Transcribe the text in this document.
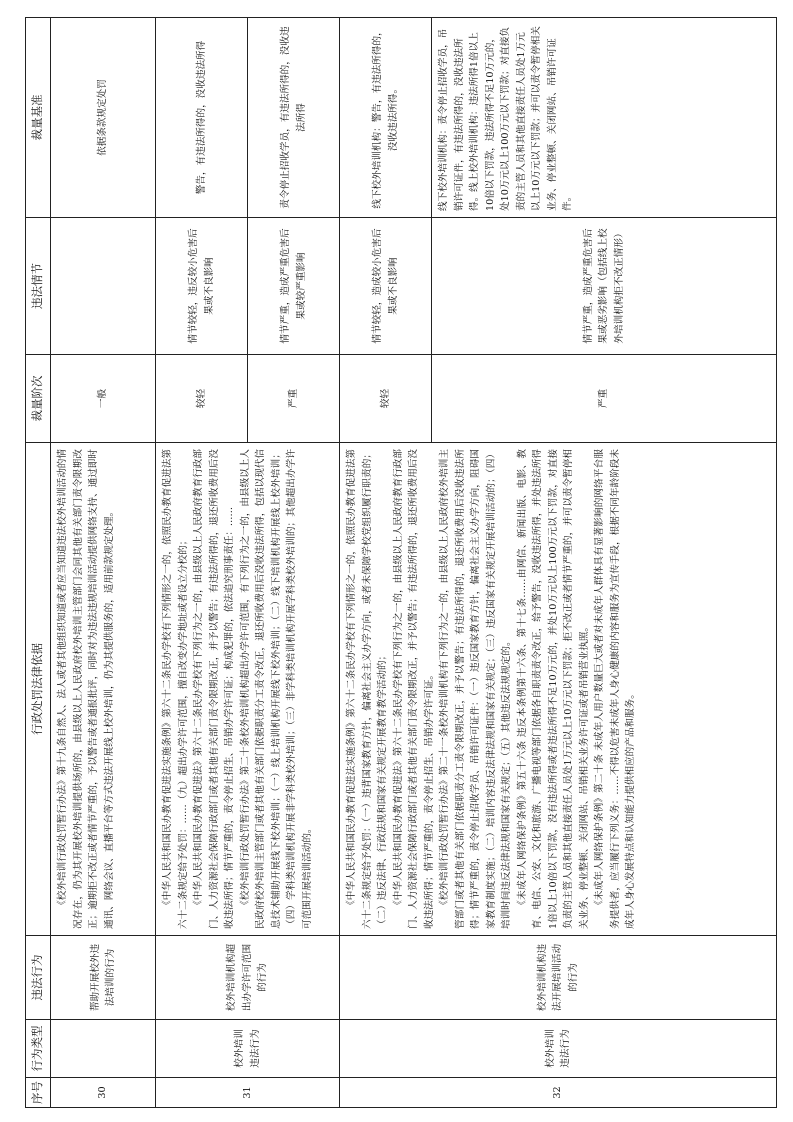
序号	行为类型	违法行为	行政处罚法律依据	裁量阶次	违法情节	裁量基准
30		帮助开展校外违法培训的行为	《校外培训行政处罚暂行办法》第十九条自然人、法人或者其他组织知道或者应当知道违法校外培训活动的情况存在，仍为其开展校外培训提供场所的，由县级以上人民政府校外培训主管部门会同其他有关部门责令限期改正；逾期拒不改正或者情节严重的，予以警告或者通报批评，同时对为违法违规培训活动提供网络支持、通过即时通讯、网络会议、直播平台等方式违法开展线上校外培训，仍为其提供服务的，适用前款规定处理。	一般		依据条款规定处罚
31	校外培训违法行为	校外培训机构超出办学许可范围的行为	《中华人民共和国民办教育促进法实施条例》第六十二条民办学校有下列情形之一的，依照民办教育促进法第六十二条规定给予处罚：……（九）超出办学许可范围，擅自改变办学地址或者设立分校的； 《中华人民共和国民办教育促进法》第六十二条民办学校有下列行为之一的，由县级以上人民政府教育行政部门、人力资源社会保障行政部门或者其他有关部门责令限期改正，并予以警告；有违法所得的，退还所收费用后没收违法所得；情节严重的，责令停止招生、吊销办学许可证；构成犯罪的，依法追究刑事责任：…… 《校外培训行政处罚暂行办法》第二十条校外培训机构超出办学许可范围，有下列行为之一的，由县级以上人民政府校外培训主管部门或者其他有关部门依据职责分工责令改正，退还所收费用后没收违法所得，包括以现代信息技术辅助开展线下校外培训；（一）线上培训机构开展线下校外培训；（二）线下培训机构开展线上校外培训；（四）学科类培训机构开展非学科类校外培训；（三）非学科类培训机构开展学科类校外培训的；其他超出办学许可范围开展培训活动的。	较轻	情节较轻，违反较小危害后果或不良影响	警告，有违法所得的，没收违法所得
				严重	情节严重，造成严重危害后果或较严重影响	责令停止招收学员，有违法所得的，没收违法所得
32	校外培训违法行为	校外培训机构违法开展培训活动的行为	《中华人民共和国民办教育促进法实施条例》第六十二条民办学校有下列情形之一的，依照民办教育促进法第六十二条规定给予处罚：（一）违背国家教育方针，偏离社会主义办学方向，或者未保障学校党组织履行职责的；（二）违反法律、行政法规和国家有关规定开展教育教学活动的； 《中华人民共和国民办教育促进法》第六十二条民办学校有下列行为之一的，由县级以上人民政府教育行政部门、人力资源社会保障行政部门或者其他有关部门责令限期改正，并予以警告；有违法所得的，退还所收费用后没收违法所得；情节严重的，责令停止招生、吊销办学许可证。 《校外培训行政处罚暂行办法》第二十一条校外培训机构有下列行为之一的，由县级以上人民政府校外培训主管部门或者其他有关部门依据职责分工责令限期改正，并予以警告；有违法所得的，退还所收费用后没收违法所得；情节严重的，责令停止招收学员、吊销许可证件：（一）违反国家教育方针，偏离社会主义办学方向，阻碍国家教育制度实施；（二）培训内容违反法律法规和国家有关规定；（三）违反国家有关规定开展培训活动的；（四）培训时间违反法律法规和国家有关规定；（五）其他违反法规规定的。 《未成年人网络保护条例》第五十六条 违反本条例第十六条、第十七条……由网信、新闻出版、电影、教育、电信、公安、文化和旅游、广播电视等部门依据各自职责责令改正，给予警告，没收违法所得，并处违法所得1倍以上10倍以下罚款，没有违法所得或者违法所得不足10万元的，并处10万元以上100万元以下罚款，对直接负责的主管人员和其他直接责任人员处1万元以上10万元以下罚款；拒不改正或者情节严重的，并可以责令暂停相关业务、停业整顿、关闭网站、吊销相关业务许可证或者吊销营业执照。 《未成年人网络保护条例》第二十条 未成年人用户数量巨大或者对未成年人群体具有显著影响的网络平台服务提供者，应当履行下列义务：……不得以危害未成年人身心健康的内容和服务为宣传手段，根据不同年龄阶段未成年人身心发展特点和认知能力提供相应的产品和服务。	较轻	情节较轻，造成较小危害后果或不良影响	线下校外培训机构：警告，有违法所得的，没收违法所得。
				严重	情节严重，造成严重危害后果或恶劣影响（包括线上校外培训机构拒不改正情形）	线下校外培训机构：责令停止招收学员，吊销许可证件，有违法所得的，没收违法所得。线上校外培训机构：违法所得1倍以上10倍以下罚款，违法所得不足10万元的，处10万元以上100万元以下罚款；对直接负责的主管人员和其他直接责任人员处1万元以上10万元以下罚款；并可以责令暂停相关业务、停业整顿、关闭网站、吊销许可证件。
